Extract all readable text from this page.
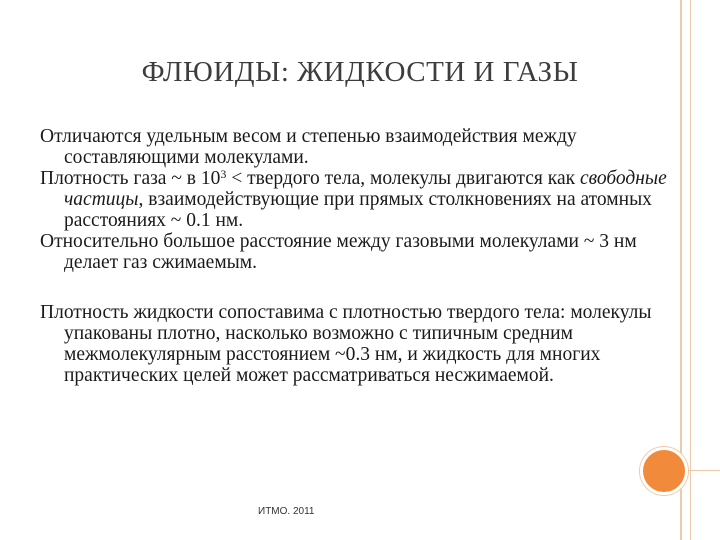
ФЛЮИДЫ: ЖИДКОСТИ И ГАЗЫ

Отличаются удельным весом и степенью взаимодействия между составляющими молекулами.

Плотность газа ~ в $10^3$ < твердого тела, молекулы двигаются как свободные частицы, взаимодействующие при прямых столкновениях на атомных расстояниях ~ 0.1 нм.

Относительно большое расстояние между газовыми молекулами ~ 3 нм делает газ сжимаемым.

Плотность жидкости сопоставима с плотностью твердого тела: молекулы упакованы плотно, насколько возможно с типичным средним межмолекулярным расстоянием ~0.3 нм, и жидкость для многих практических целей может рассматриваться несжимаемой.

ИТМО. 2011
